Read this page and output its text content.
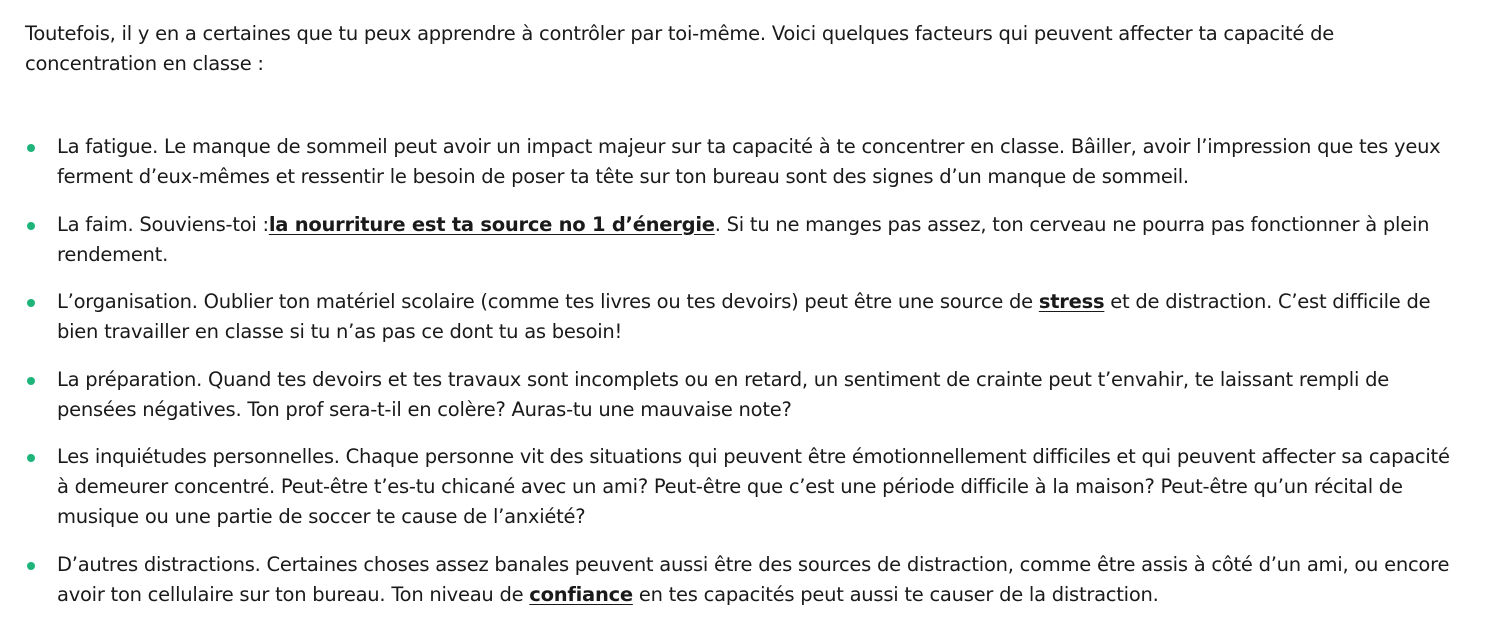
Toutefois, il y en a certaines que tu peux apprendre à contrôler par toi-même. Voici quelques facteurs qui peuvent affecter ta capacité de concentration en classe :

La fatigue. Le manque de sommeil peut avoir un impact majeur sur ta capacité à te concentrer en classe. Bâiller, avoir l’impression que tes yeux ferment d’eux-mêmes et ressentir le besoin de poser ta tête sur ton bureau sont des signes d’un manque de sommeil.
La faim. Souviens-toi :la nourriture est ta source no 1 d’énergie. Si tu ne manges pas assez, ton cerveau ne pourra pas fonctionner à plein rendement.
L’organisation. Oublier ton matériel scolaire (comme tes livres ou tes devoirs) peut être une source de stress et de distraction. C’est difficile de bien travailler en classe si tu n’as pas ce dont tu as besoin!
La préparation. Quand tes devoirs et tes travaux sont incomplets ou en retard, un sentiment de crainte peut t’envahir, te laissant rempli de pensées négatives. Ton prof sera-t-il en colère? Auras-tu une mauvaise note?
Les inquiétudes personnelles. Chaque personne vit des situations qui peuvent être émotionnellement difficiles et qui peuvent affecter sa capacité à demeurer concentré. Peut-être t’es-tu chicané avec un ami? Peut-être que c’est une période difficile à la maison? Peut-être qu’un récital de musique ou une partie de soccer te cause de l’anxiété?
D’autres distractions. Certaines choses assez banales peuvent aussi être des sources de distraction, comme être assis à côté d’un ami, ou encore avoir ton cellulaire sur ton bureau. Ton niveau de confiance en tes capacités peut aussi te causer de la distraction.
